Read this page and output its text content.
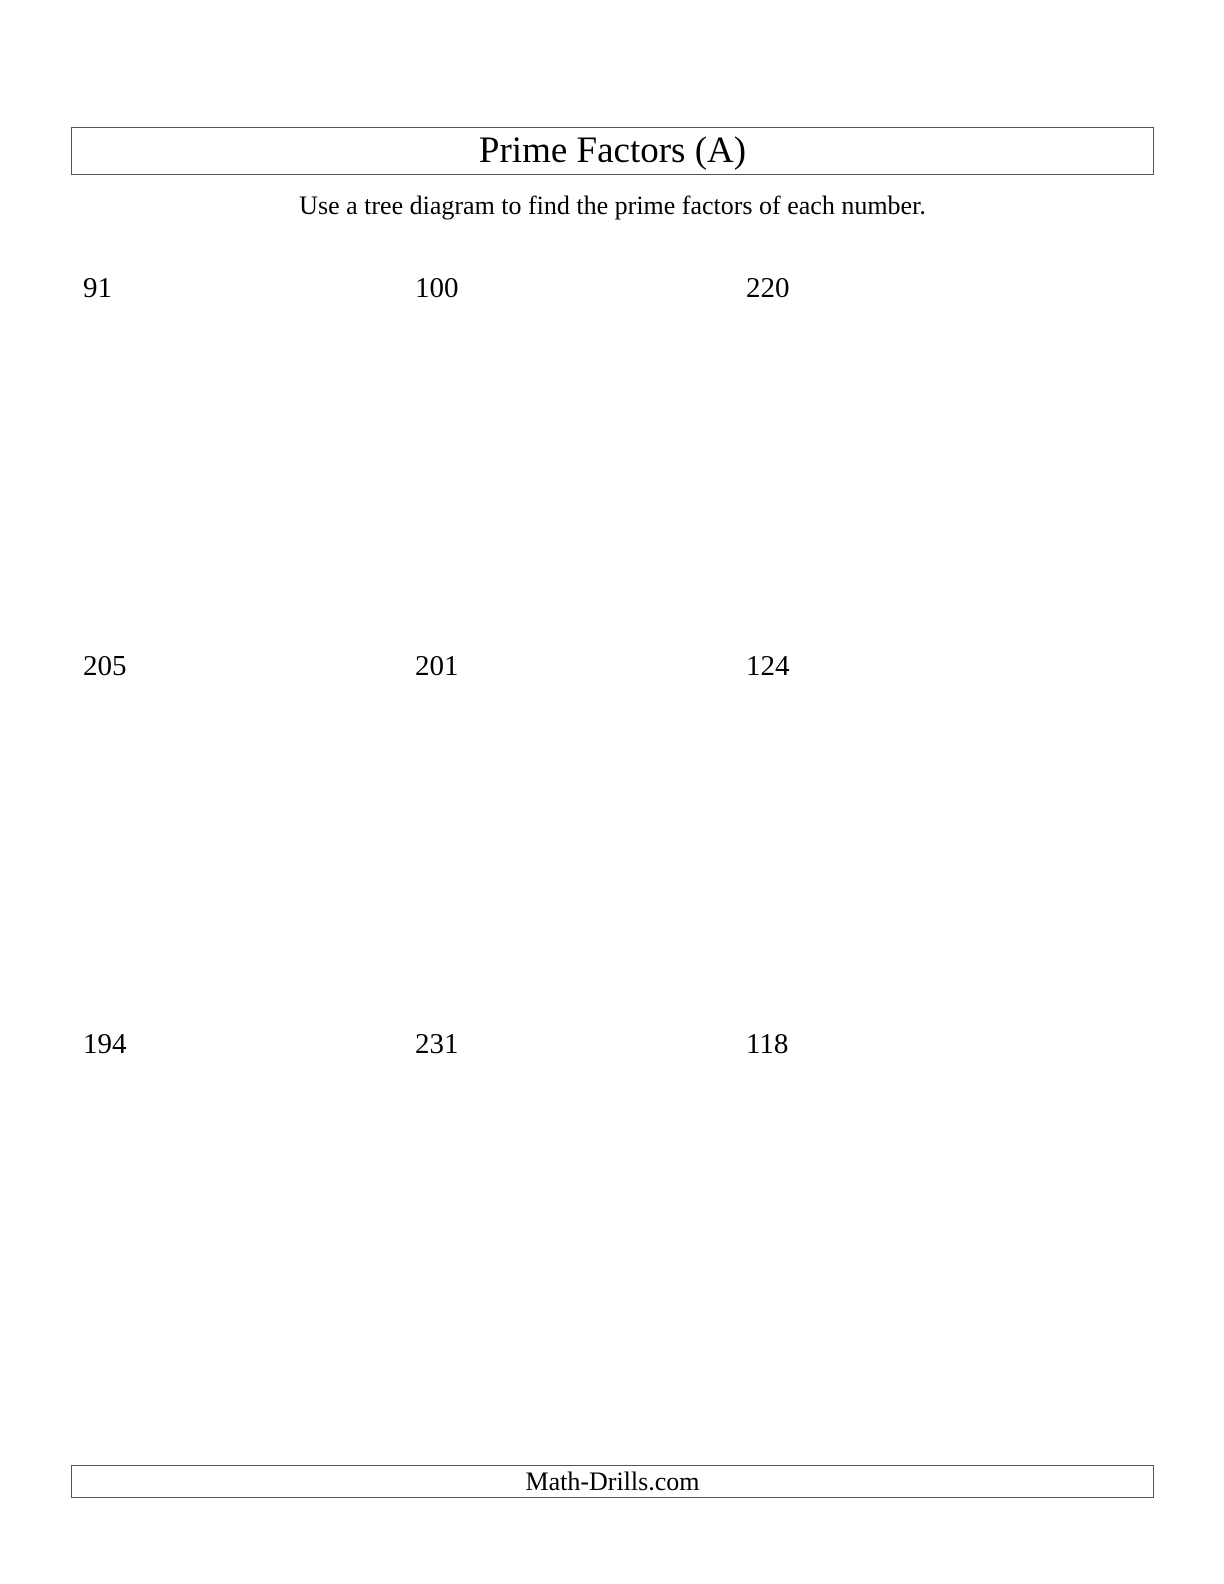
Prime Factors (A)
Use a tree diagram to find the prime factors of each number.
91	100	220
205	201	124
194	231	118
Math-Drills.com
